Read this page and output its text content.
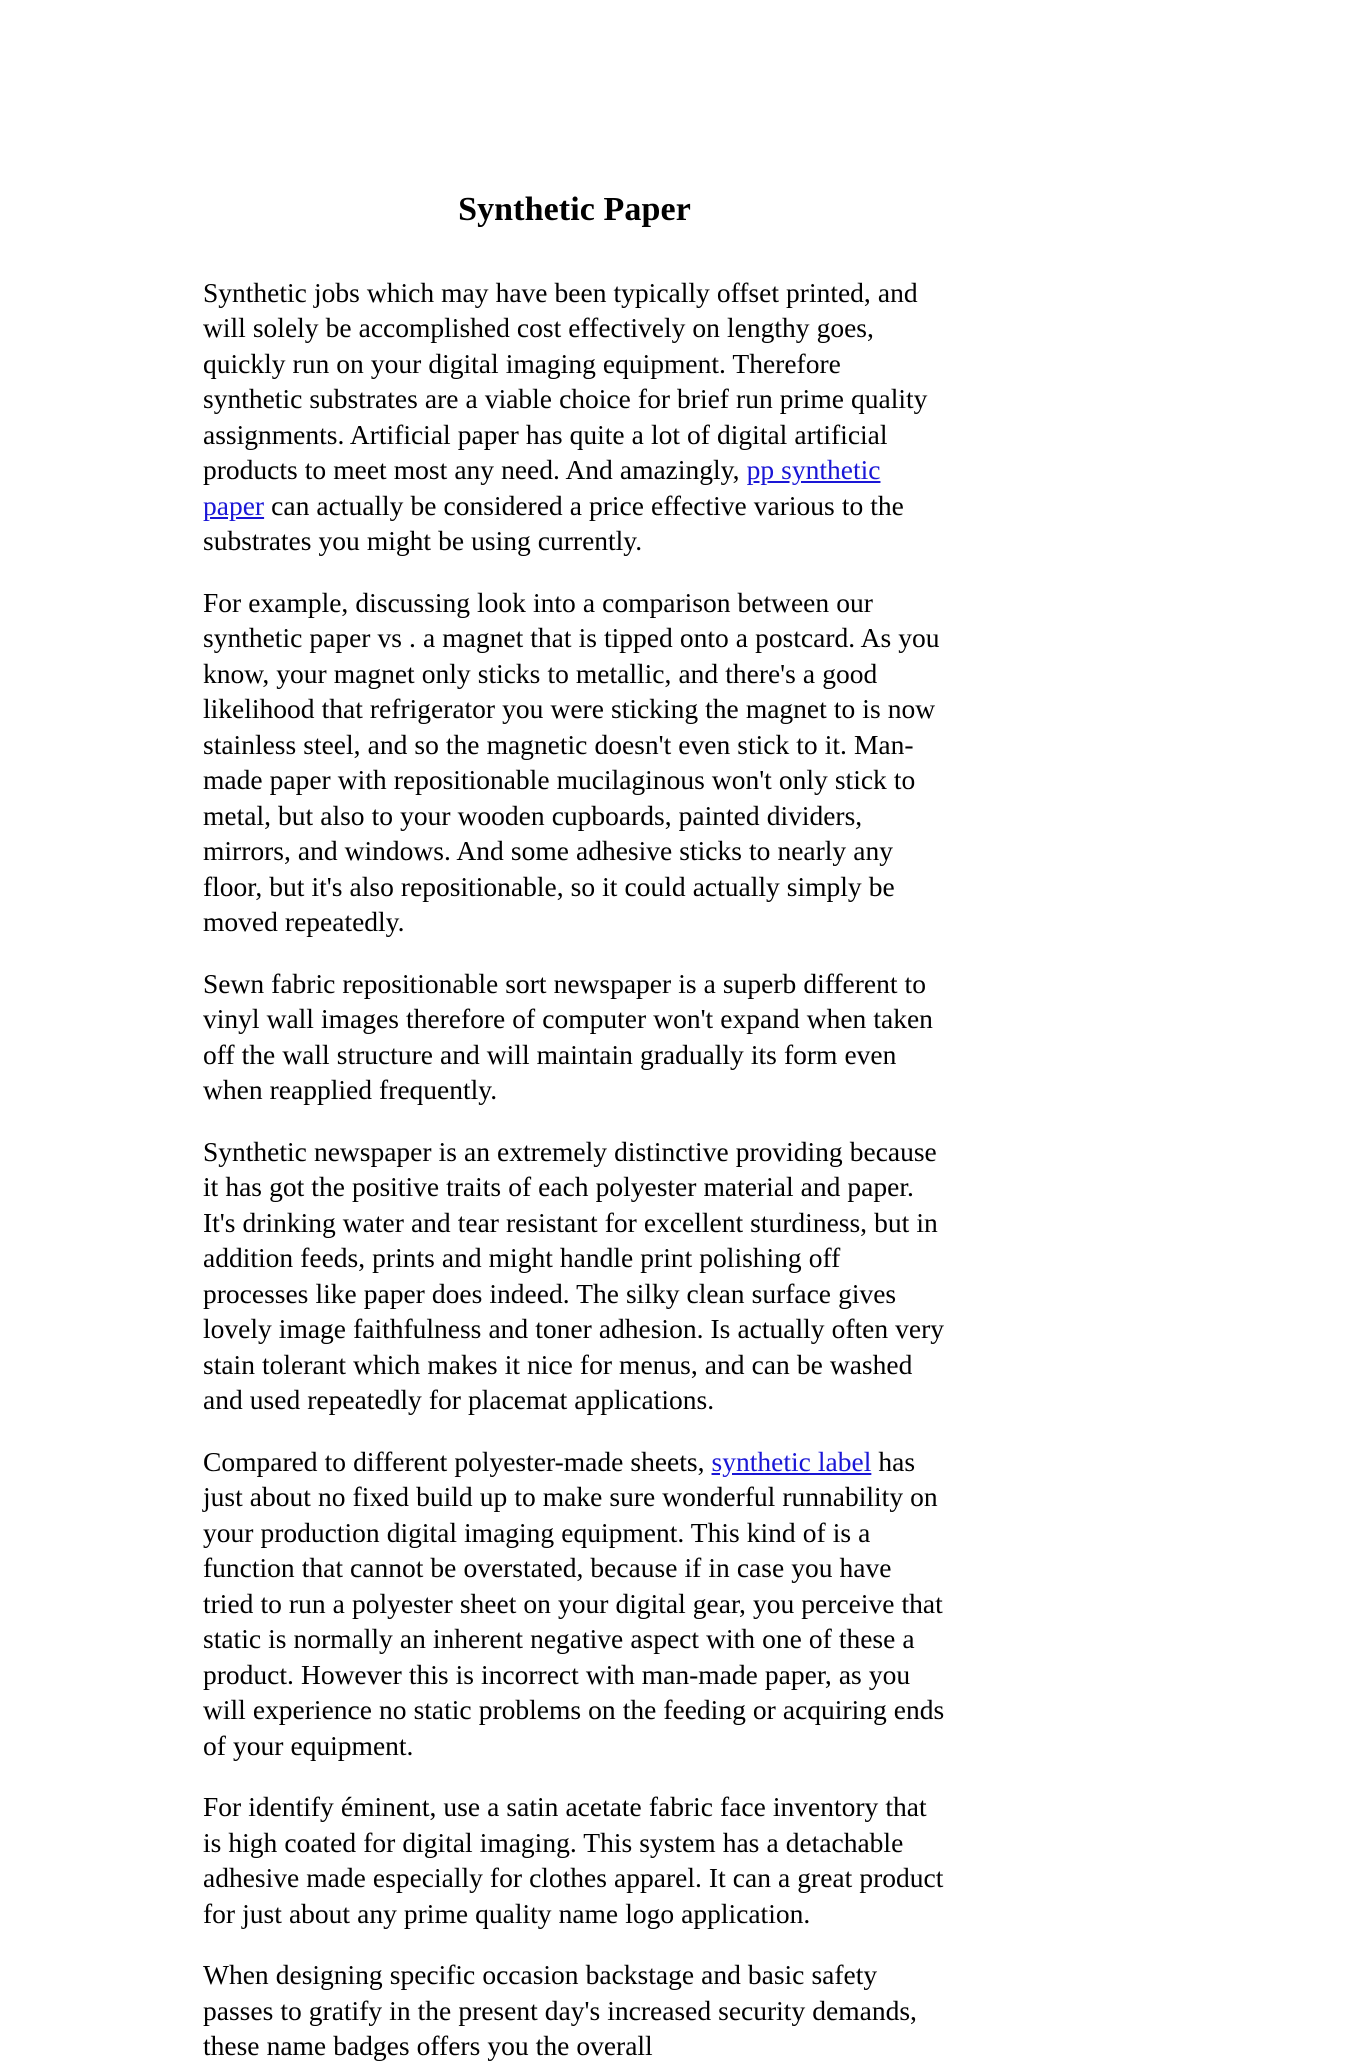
Synthetic Paper

Synthetic jobs which may have been typically offset printed, and will solely be accomplished cost effectively on lengthy goes, quickly run on your digital imaging equipment. Therefore synthetic substrates are a viable choice for brief run prime quality assignments. Artificial paper has quite a lot of digital artificial products to meet most any need. And amazingly, pp synthetic paper can actually be considered a price effective various to the substrates you might be using currently.

For example, discussing look into a comparison between our synthetic paper vs . a magnet that is tipped onto a postcard. As you know, your magnet only sticks to metallic, and there's a good likelihood that refrigerator you were sticking the magnet to is now stainless steel, and so the magnetic doesn't even stick to it. Man-made paper with repositionable mucilaginous won't only stick to metal, but also to your wooden cupboards, painted dividers, mirrors, and windows. And some adhesive sticks to nearly any floor, but it's also repositionable, so it could actually simply be moved repeatedly.

Sewn fabric repositionable sort newspaper is a superb different to vinyl wall images therefore of computer won't expand when taken off the wall structure and will maintain gradually its form even when reapplied frequently.

Synthetic newspaper is an extremely distinctive providing because it has got the positive traits of each polyester material and paper. It's drinking water and tear resistant for excellent sturdiness, but in addition feeds, prints and might handle print polishing off processes like paper does indeed. The silky clean surface gives lovely image faithfulness and toner adhesion. Is actually often very stain tolerant which makes it nice for menus, and can be washed and used repeatedly for placemat applications.

Compared to different polyester-made sheets, synthetic label has just about no fixed build up to make sure wonderful runnability on your production digital imaging equipment. This kind of is a function that cannot be overstated, because if in case you have tried to run a polyester sheet on your digital gear, you perceive that static is normally an inherent negative aspect with one of these a product. However this is incorrect with man-made paper, as you will experience no static problems on the feeding or acquiring ends of your equipment.

For identify éminent, use a satin acetate fabric face inventory that is high coated for digital imaging. This system has a detachable adhesive made especially for clothes apparel. It can a great product for just about any prime quality name logo application.

When designing specific occasion backstage and basic safety passes to gratify in the present day's increased security demands, these name badges offers you the overall
